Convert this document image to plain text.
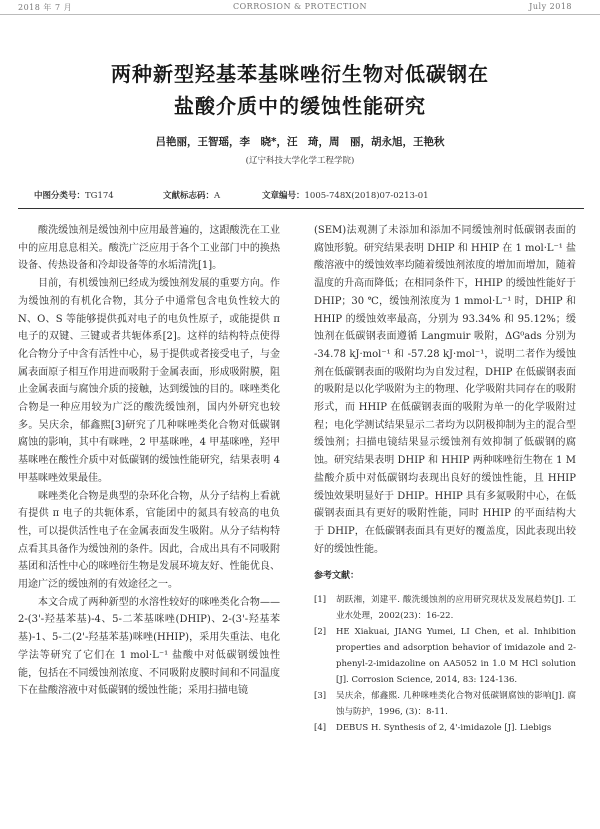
2018 年 7 月	CORROSION & PROTECTION	July 2018
两种新型羟基苯基咪唑衍生物对低碳钢在
盐酸介质中的缓蚀性能研究
吕艳丽，王智瑶，李　晓*，汪　琦，周　丽，胡永旭，王艳秋
(辽宁科技大学化学工程学院)
中图分类号：TG174	文献标志码：A	文章编号：1005-748X(2018)07-0213-01

酸洗缓蚀剂是缓蚀剂中应用最普遍的，这跟酸洗在工业中的应用息息相关。酸洗广泛应用于各个工业部门中的换热设备、传热设备和冷却设备等的水垢清洗[1]。

目前，有机缓蚀剂已经成为缓蚀剂发展的重要方向。作为缓蚀剂的有机化合物，其分子中通常包含电负性较大的 N、O、S 等能够提供孤对电子的电负性原子，或能提供 π 电子的双键、三键或者共轭体系[2]。这样的结构特点使得化合物分子中含有活性中心，易于提供或者接受电子，与金属表面原子相互作用进而吸附于金属表面，形成吸附膜，阻止金属表面与腐蚀介质的接触，达到缓蚀的目的。咪唑类化合物是一种应用较为广泛的酸洗缓蚀剂，国内外研究也较多。吴庆余，郁鑫熙[3]研究了几种咪唑类化合物对低碳钢腐蚀的影响，其中有咪唑，2 甲基咪唑，4 甲基咪唑，羟甲基咪唑在酸性介质中对低碳钢的缓蚀性能研究，结果表明 4 甲基咪唑效果最佳。

咪唑类化合物是典型的杂环化合物，从分子结构上看就有提供 π 电子的共轭体系，官能团中的氮具有较高的电负性，可以提供活性电子在金属表面发生吸附。从分子结构特点看其具备作为缓蚀剂的条件。因此，合成出具有不同吸附基团和活性中心的咪唑衍生物是发展环境友好、性能优良、用途广泛的缓蚀剂的有效途径之一。

本文合成了两种新型的水溶性较好的咪唑类化合物——2-(3'-羟基苯基)-4、5-二苯基咪唑(DHIP)、2-(3'-羟基苯基)-1、5-二(2'-羟基苯基)咪唑(HHIP)，采用失重法、电化学法等研究了它们在 1 mol·L⁻¹ 盐酸中对低碳钢缓蚀性能，包括在不同缓蚀剂浓度、不同吸附皮膜时间和不同温度下在盐酸溶液中对低碳钢的缓蚀性能；采用扫描电镜

(SEM)法观测了未添加和添加不同缓蚀剂时低碳钢表面的腐蚀形貌。研究结果表明 DHIP 和 HHIP 在 1 mol·L⁻¹ 盐酸溶液中的缓蚀效率均随着缓蚀剂浓度的增加而增加，随着温度的升高而降低；在相同条件下，HHIP 的缓蚀性能好于 DHIP；30 ℃，缓蚀剂浓度为 1 mmol·L⁻¹ 时，DHIP 和 HHIP 的缓蚀效率最高，分别为 93.34% 和 95.12%；缓蚀剂在低碳钢表面遵循 Langmuir 吸附，ΔG⁰ads 分别为 -34.78 kJ·mol⁻¹ 和 -57.28 kJ·mol⁻¹，说明二者作为缓蚀剂在低碳钢表面的吸附均为自发过程，DHIP 在低碳钢表面的吸附是以化学吸附为主的物理、化学吸附共同存在的吸附形式，而 HHIP 在低碳钢表面的吸附为单一的化学吸附过程；电化学测试结果显示二者均为以阴极抑制为主的混合型缓蚀剂；扫描电镜结果显示缓蚀剂有效抑制了低碳钢的腐蚀。研究结果表明 DHIP 和 HHIP 两种咪唑衍生物在 1 M 盐酸介质中对低碳钢均表现出良好的缓蚀性能，且 HHIP 缓蚀效果明显好于 DHIP。HHIP 具有多氮吸附中心，在低碳钢表面具有更好的吸附性能，同时 HHIP 的平面结构大于 DHIP，在低碳钢表面具有更好的覆盖度，因此表现出较好的缓蚀性能。

参考文献：
[1]	胡跃湘，刘建平. 酸洗缓蚀剂的应用研究现状及发展趋势[J]. 工业水处理，2002(23)：16-22.
[2]	HE Xiakuai, JIANG Yumei, LI Chen, et al. Inhibition properties and adsorption behavior of imidazole and 2-phenyl-2-imidazoline on AA5052 in 1.0 M HCl solution [J]. Corrosion Science, 2014, 83: 124-136.
[3]	吴庆余，郁鑫熙. 几种咪唑类化合物对低碳钢腐蚀的影响[J]. 腐蚀与防护，1996, (3)：8-11.
[4]	DEBUS H. Synthesis of 2, 4'-imidazole [J]. Liebigs
